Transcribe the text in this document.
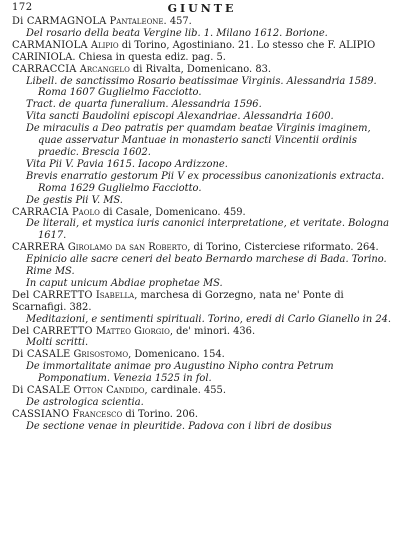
172	GIUNTE

Di CARMAGNOLA Pantaleone. 457.

Del rosario della beata Vergine lib. 1. Milano 1612. Borione.

CARMANIOLA Alipio di Torino, Agostiniano. 21. Lo stesso che F. ALIPIO CARINIOLA. Chiesa in questa ediz. pag. 5.

CARRACCIA Arcangelo di Rivalta, Domenicano. 83.

Libell. de sanctissimo Rosario beatissimae Virginis. Alessandria 1589. Roma 1607 Guglielmo Facciotto.

Tract. de quarta funeralium. Alessandria 1596.

Vita sancti Baudolini episcopi Alexandriae. Alessandria 1600.

De miraculis a Deo patratis per quamdam beatae Virginis imaginem, quae asservatur Mantuae in monasterio sancti Vincentii ordinis praedic. Brescia 1602.

Vita Pii V. Pavia 1615. Iacopo Ardizzone.

Brevis enarratio gestorum Pii V ex processibus canonizationis extracta. Roma 1629 Guglielmo Facciotto.

De gestis Pii V. MS.

CARRACIA Paolo di Casale, Domenicano. 459.

De literali, et mystica iuris canonici interpretatione, et veritate. Bologna 1617.

CARRERA Girolamo da san Roberto, di Torino, Cisterciese riformato. 264.

Epinicio alle sacre ceneri del beato Bernardo marchese di Bada. Torino.

Rime MS.

In caput unicum Abdiae prophetae MS.

Del CARRETTO Isabella, marchesa di Gorzegno, nata ne' Ponte di Scarnafigi. 382.

Meditazioni, e sentimenti spirituali. Torino, eredi di Carlo Gianello in 24.

Del CARRETTO Matteo Giorgio, de' minori. 436.

Molti scritti.

Di CASALE Grisostomo, Domenicano. 154.

De immortalitate animae pro Augustino Nipho contra Petrum Pomponatium. Venezia 1525 in fol.

Di CASALE Otton Candido, cardinale. 455.

De astrologica scientia.

CASSIANO Francesco di Torino. 206.

De sectione venae in pleuritide. Padova con i libri de dosibus
